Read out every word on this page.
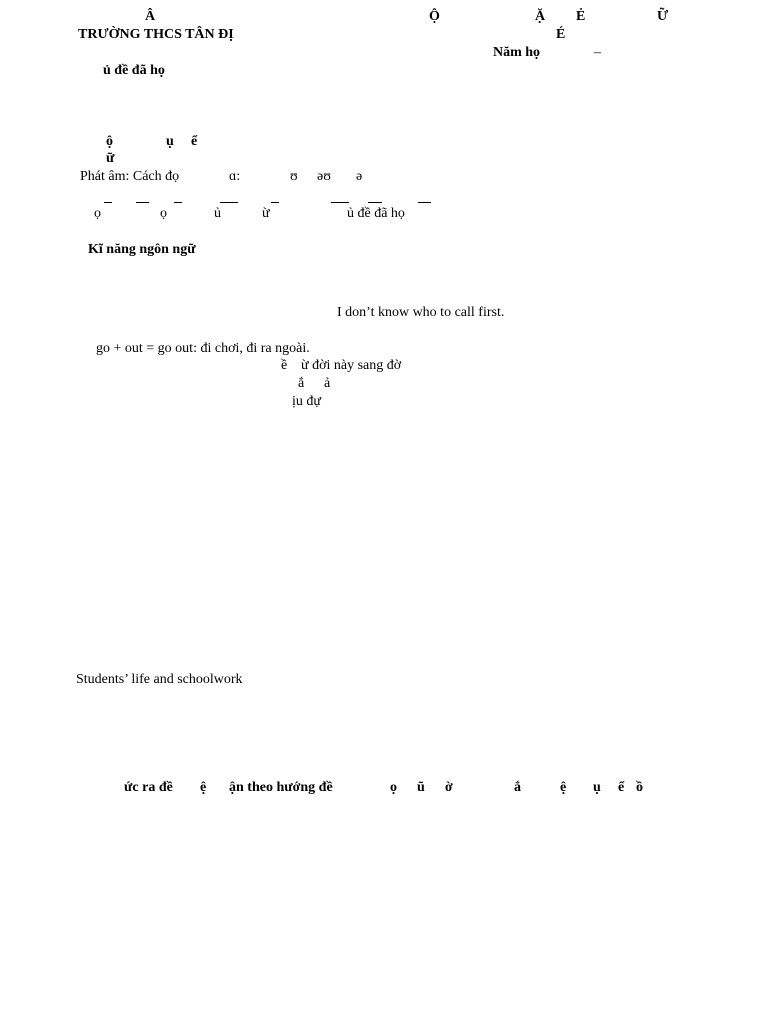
Â	Ộ	Ặ Ẻ	Ữ
TRƯỜNG THCS TÂN ĐỊ	É
Năm họ	–
ủ đề đã họ
ộ	ụ ể
ữ
Phát âm: Cách đọ	ɑ:	ʊ əʊ ə
ọ	ọ	ủ	ừ	ủ đề đã họ
Kĩ năng ngôn ngữ
I don’t know who to call first.
go + out = go out: đi chơi, đi ra ngoài.
ề ừ đời này sang đờ
ắ ả
ịu đự
Students’ life and schoolwork
ức ra đề ệ ận theo hướng đề	ọ ũ ờ	ắ	ệ ụ ể ồ
